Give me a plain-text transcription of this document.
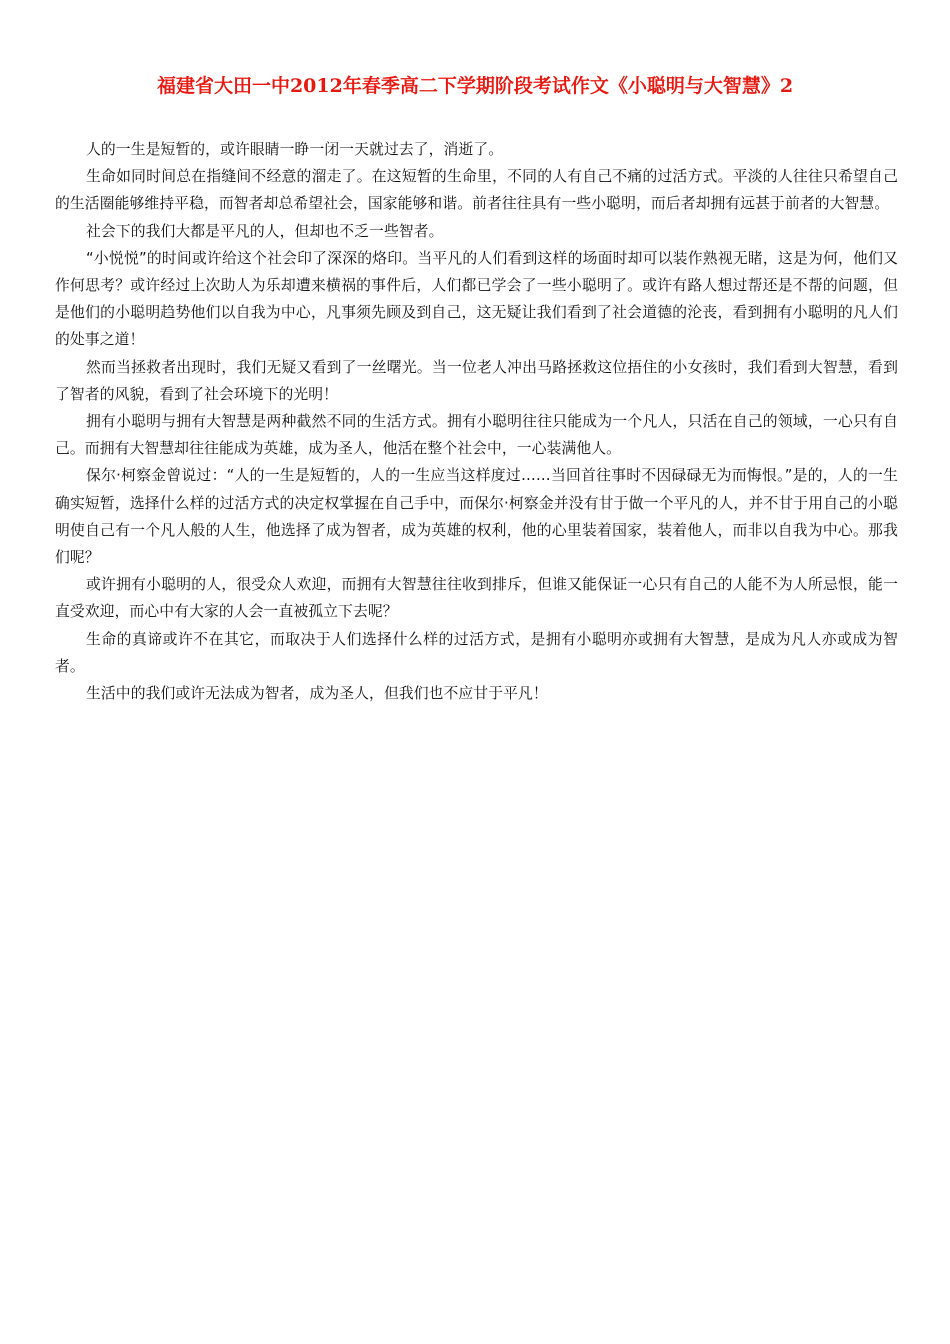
福建省大田一中2012年春季高二下学期阶段考试作文《小聪明与大智慧》2

人的一生是短暂的，或许眼睛一睁一闭一天就过去了，消逝了。

生命如同时间总在指缝间不经意的溜走了。在这短暂的生命里，不同的人有自己不痛的过活方式。平淡的人往往只希望自己的生活圈能够维持平稳，而智者却总希望社会，国家能够和谐。前者往往具有一些小聪明，而后者却拥有远甚于前者的大智慧。

社会下的我们大都是平凡的人，但却也不乏一些智者。

“小悦悦”的时间或许给这个社会印了深深的烙印。当平凡的人们看到这样的场面时却可以装作熟视无睹，这是为何，他们又作何思考？或许经过上次助人为乐却遭来横祸的事件后，人们都已学会了一些小聪明了。或许有路人想过帮还是不帮的问题，但是他们的小聪明趋势他们以自我为中心，凡事须先顾及到自己，这无疑让我们看到了社会道德的沦丧，看到拥有小聪明的凡人们的处事之道！

然而当拯救者出现时，我们无疑又看到了一丝曙光。当一位老人冲出马路拯救这位捂住的小女孩时，我们看到大智慧，看到了智者的风貌，看到了社会环境下的光明！

拥有小聪明与拥有大智慧是两种截然不同的生活方式。拥有小聪明往往只能成为一个凡人，只活在自己的领域，一心只有自己。而拥有大智慧却往往能成为英雄，成为圣人，他活在整个社会中，一心装满他人。

保尔·柯察金曾说过：“人的一生是短暂的，人的一生应当这样度过……当回首往事时不因碌碌无为而悔恨。”是的，人的一生确实短暂，选择什么样的过活方式的决定权掌握在自己手中，而保尔·柯察金并没有甘于做一个平凡的人，并不甘于用自己的小聪明使自己有一个凡人般的人生，他选择了成为智者，成为英雄的权利，他的心里装着国家，装着他人，而非以自我为中心。那我们呢？

或许拥有小聪明的人，很受众人欢迎，而拥有大智慧往往收到排斥，但谁又能保证一心只有自己的人能不为人所忌恨，能一直受欢迎，而心中有大家的人会一直被孤立下去呢？

生命的真谛或许不在其它，而取决于人们选择什么样的过活方式，是拥有小聪明亦或拥有大智慧，是成为凡人亦或成为智者。

生活中的我们或许无法成为智者，成为圣人，但我们也不应甘于平凡！
